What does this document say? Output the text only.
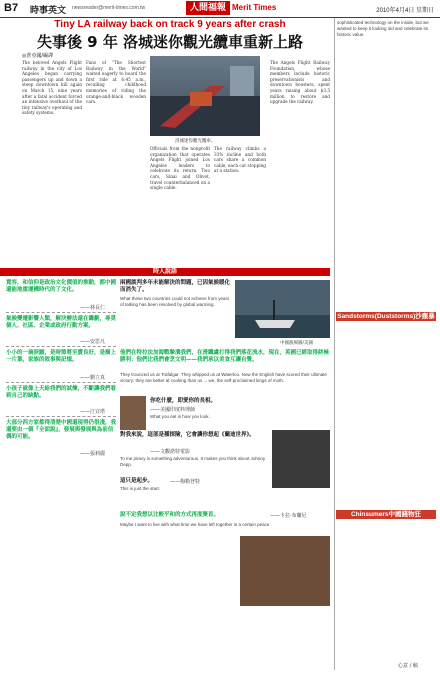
B7 時事英文 newsreader@merit-times.com.tw	人間福報 Merit Times	2010年4月4日 星期日
Tiny LA railway back on track 9 years after crash
失事後 9 年 洛城迷你觀光纜車重新上路
◎蒼亞國/編譯
The beloved Angels Flight railway in the city of Los Angeles began carrying passengers up and down a steep downtown hill again on March 15, nine years after a fatal accident forced an intensive overhaul of the tiny railway's operating and safety systems.
Fans of "The Shortest Railway in the World" waited eagerly to board the first ride at 6:45 a.m., recalling childhood memories of riding the orange-and-black wooden cars.
洛城迷你觀光纜車。
Officials from the nonprofit organization that operates Angels Flight joined Los Angeles leaders to celebrate its return. Two cars, Sinai and Olivet, travel counterbalanced on a single cable.
The railway climbs a 33% incline and both cars share a common cable, each car stopping at a station.
The Angels Flight Railway Foundation, whose members include historic preservationists and downtown boosters, spent years raising about $3.5 million to restore and upgrade the railway.
時人說語
寬容，和信仰是政治文化價值的推動，都中國還能地重運構時代的了文化。
——林長仁
氣候變遷影響人類，解決辦法還在籌劃，尋覓個人、社區、企業或政府行動方案。
——安思凡
小小的一滴淚願，是時節將至賣良好，是樹上一片葉，家族的敘事與記憶。
——劉立真
小孩子就像上天給我們的試煉，不斷讓我們看到自己的缺點。
——江宜塔
大部分西方家都得清楚中國還現得仍很淺，我還要由一個『全面說』，發展與發展與為前信偶的可能。
——張莉麗
兩國談判多年未能解決的問題，已因氣候暖化而消失了。
What these two countries could not achieve from years of talking has been resolved by global warming.
中國漁場圖/美國
他們在特拉法加海戰摯潰我們，在滑鐵盧打得我們落花流水，現在，英國已經取得終極勝利：他們比我們會烹文明——我們承以美食互讓自覺。
They trounced us at Trafalgar. They whipped us at Waterloo. Now the English have scored their ultimate victory: they are better at cooking than us ... we, the self-proclaimed kings of moth.
你吃什麼，即愛你的長相。
——美國印度料理師
What you eat is how you look.
對我來說，這部是種探險，它會讓你想起《蘭迪世界》。
——文觀諾特電影
To me piracy is something adventurous. It makes you think about Johnny Depp.
這只是起步。	——梅勒登特
This is just the start.
說不定我想以比較平和的方式再度聚首。	——卡拉·布蘭尼
Maybe I want to live with what time we have left together in a certain peace.
sophisticated technology on the inside, but we wanted to keep it looking old and celebrate its historic value.
Sandstorms(Duststorms)沙塵暴
Chinsumers中國錢物狂
心意 / 稿
